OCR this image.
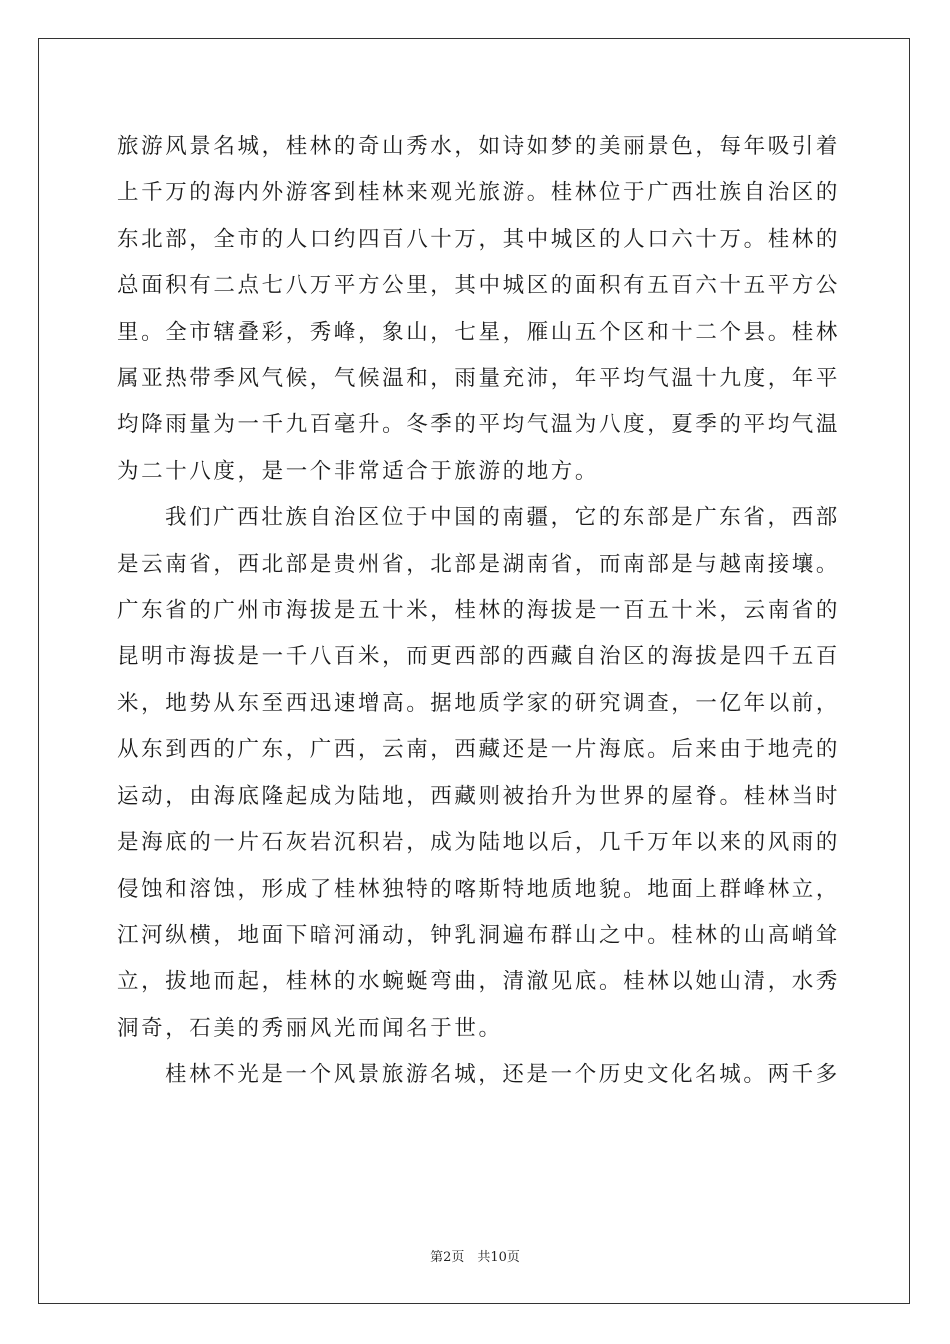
旅游风景名城，桂林的奇山秀水，如诗如梦的美丽景色，每年吸引着
上千万的海内外游客到桂林来观光旅游。桂林位于广西壮族自治区的
东北部，全市的人口约四百八十万，其中城区的人口六十万。桂林的
总面积有二点七八万平方公里，其中城区的面积有五百六十五平方公
里。全市辖叠彩，秀峰，象山，七星，雁山五个区和十二个县。桂林
属亚热带季风气候，气候温和，雨量充沛，年平均气温十九度，年平
均降雨量为一千九百毫升。冬季的平均气温为八度，夏季的平均气温
为二十八度，是一个非常适合于旅游的地方。

我们广西壮族自治区位于中国的南疆，它的东部是广东省，西部
是云南省，西北部是贵州省，北部是湖南省，而南部是与越南接壤。
广东省的广州市海拔是五十米，桂林的海拔是一百五十米，云南省的
昆明市海拔是一千八百米，而更西部的西藏自治区的海拔是四千五百
米，地势从东至西迅速增高。据地质学家的研究调查，一亿年以前，
从东到西的广东，广西，云南，西藏还是一片海底。后来由于地壳的
运动，由海底隆起成为陆地，西藏则被抬升为世界的屋脊。桂林当时
是海底的一片石灰岩沉积岩，成为陆地以后，几千万年以来的风雨的
侵蚀和溶蚀，形成了桂林独特的喀斯特地质地貌。地面上群峰林立，
江河纵横，地面下暗河涌动，钟乳洞遍布群山之中。桂林的山高峭耸
立，拔地而起，桂林的水蜿蜒弯曲，清澈见底。桂林以她山清，水秀
洞奇，石美的秀丽风光而闻名于世。

桂林不光是一个风景旅游名城，还是一个历史文化名城。两千多

第2页　共10页
